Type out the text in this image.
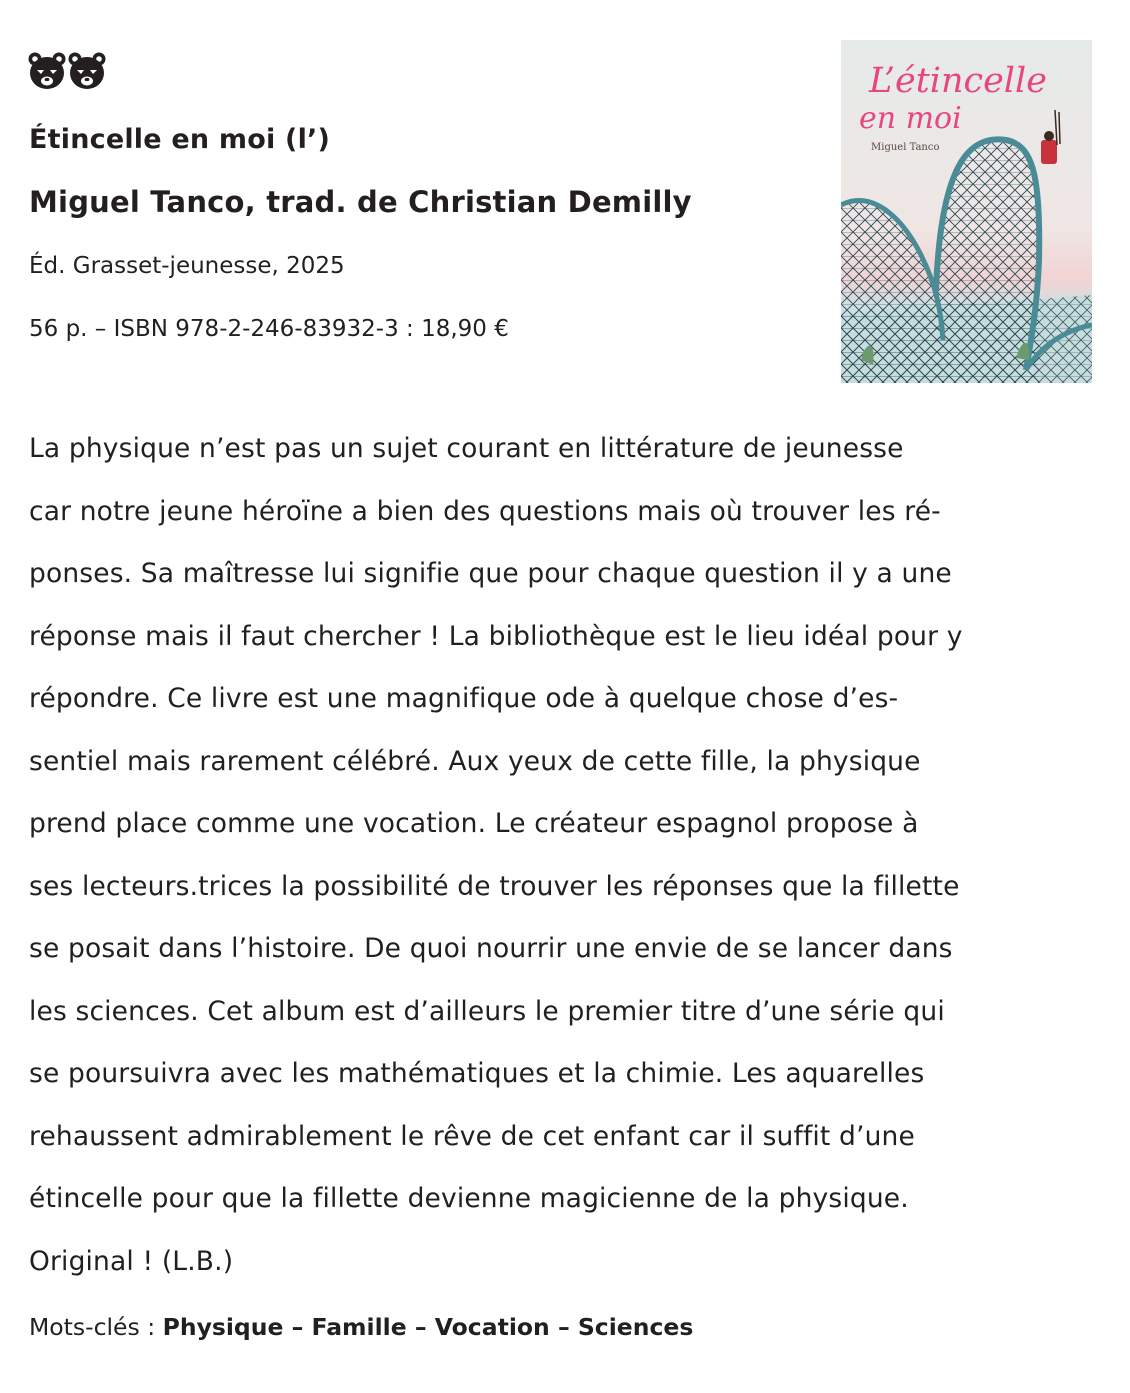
Étincelle en moi (l’)
Miguel Tanco, trad. de Christian Demilly
Éd. Grasset-jeunesse, 2025
56 p. – ISBN 978-2-246-83932-3 : 18,90 €
L’étincelle
en moi
Miguel Tanco
La physique n’est pas un sujet courant en littérature de jeunesse
car notre jeune héroïne a bien des questions mais où trouver les ré-
ponses. Sa maîtresse lui signifie que pour chaque question il y a une
réponse mais il faut chercher ! La bibliothèque est le lieu idéal pour y
répondre. Ce livre est une magnifique ode à quelque chose d’es-
sentiel mais rarement célébré. Aux yeux de cette fille, la physique
prend place comme une vocation. Le créateur espagnol propose à
ses lecteurs.trices la possibilité de trouver les réponses que la fillette
se posait dans l’histoire. De quoi nourrir une envie de se lancer dans
les sciences. Cet album est d’ailleurs le premier titre d’une série qui
se poursuivra avec les mathématiques et la chimie. Les aquarelles
rehaussent admirablement le rêve de cet enfant car il suffit d’une
étincelle pour que la fillette devienne magicienne de la physique.
Original ! (L.B.)
Mots-clés : Physique – Famille – Vocation – Sciences
